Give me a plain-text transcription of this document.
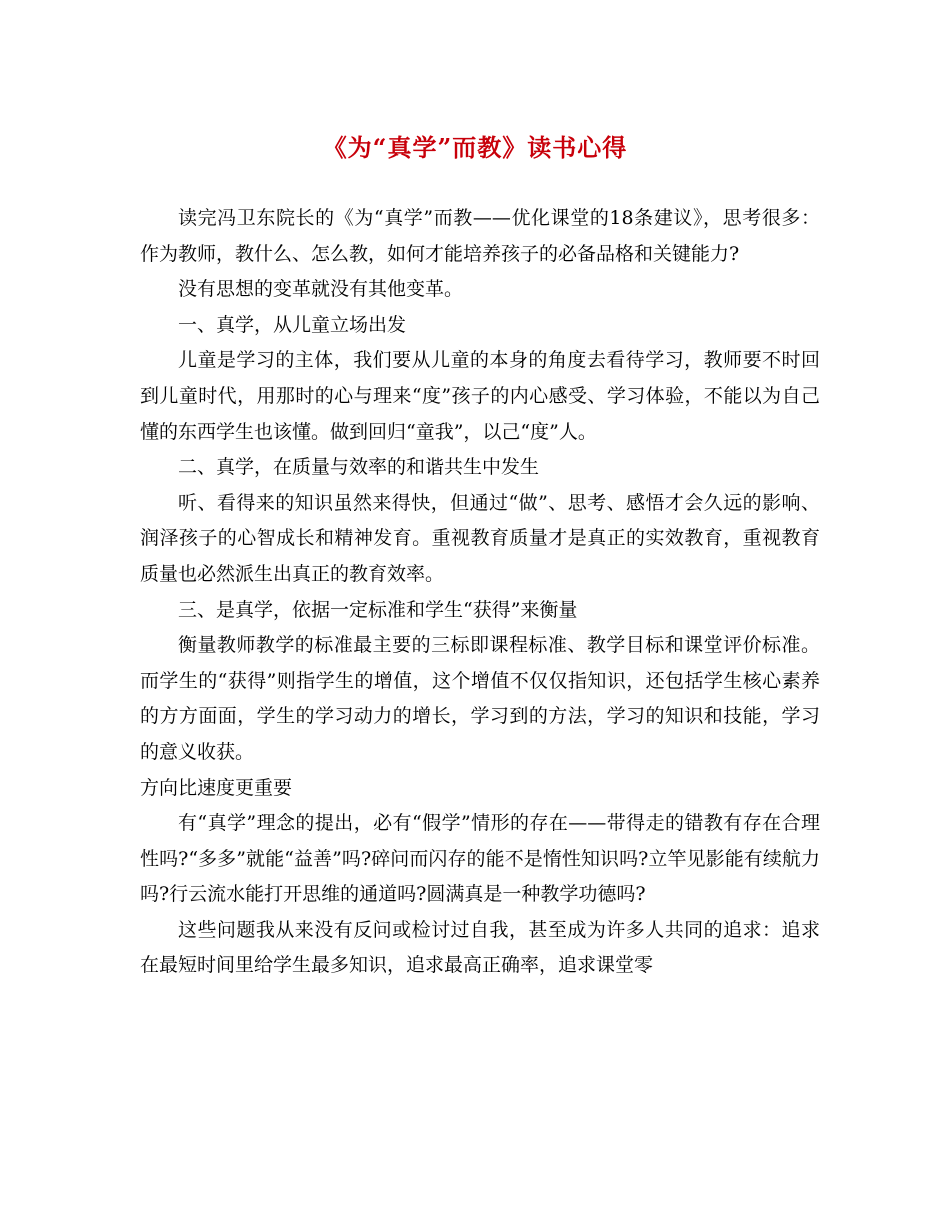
《为“真学”而教》读书心得

读完冯卫东院长的《为“真学”而教——优化课堂的18条建议》，思考很多：作为教师，教什么、怎么教，如何才能培养孩子的必备品格和关键能力?

没有思想的变革就没有其他变革。

一、真学，从儿童立场出发

儿童是学习的主体，我们要从儿童的本身的角度去看待学习，教师要不时回到儿童时代，用那时的心与理来“度”孩子的内心感受、学习体验，不能以为自己懂的东西学生也该懂。做到回归“童我”，以己“度”人。

二、真学，在质量与效率的和谐共生中发生

听、看得来的知识虽然来得快，但通过“做”、思考、感悟才会久远的影响、润泽孩子的心智成长和精神发育。重视教育质量才是真正的实效教育，重视教育质量也必然派生出真正的教育效率。

三、是真学，依据一定标准和学生“获得”来衡量

衡量教师教学的标准最主要的三标即课程标准、教学目标和课堂评价标准。而学生的“获得”则指学生的增值，这个增值不仅仅指知识，还包括学生核心素养的方方面面，学生的学习动力的增长，学习到的方法，学习的知识和技能，学习的意义收获。

方向比速度更重要

有“真学”理念的提出，必有“假学”情形的存在——带得走的错教有存在合理性吗?“多多”就能“益善”吗?碎问而闪存的能不是惰性知识吗?立竿见影能有续航力吗?行云流水能打开思维的通道吗?圆满真是一种教学功德吗?

这些问题我从来没有反问或检讨过自我，甚至成为许多人共同的追求：追求在最短时间里给学生最多知识，追求最高正确率，追求课堂零
